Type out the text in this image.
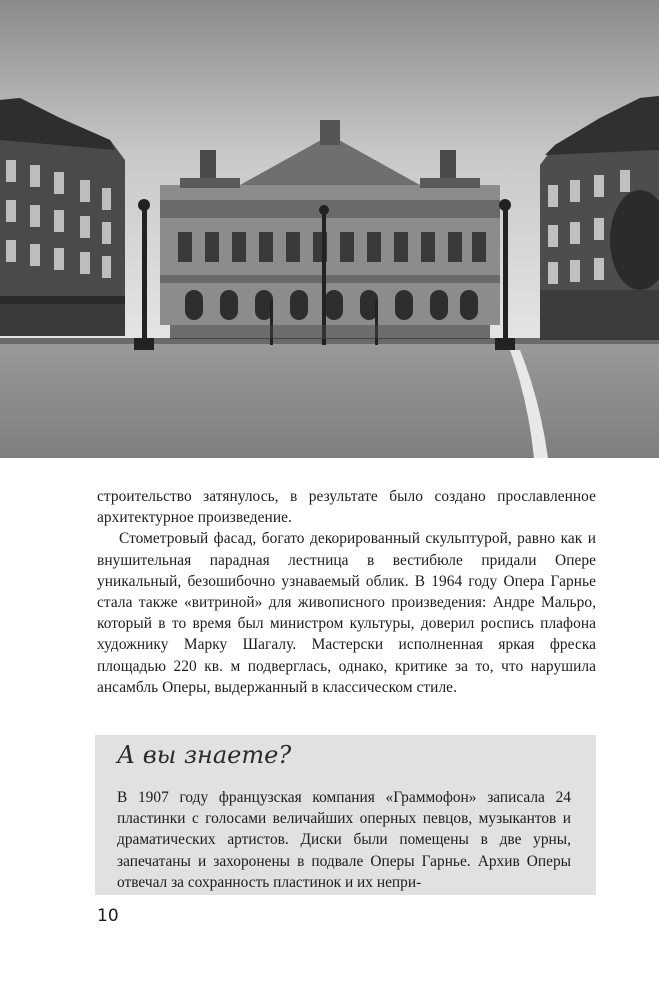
строительство затянулось, в результате было создано прославленное архитектурное произведение.

Стометровый фасад, богато декорированный скульптурой, равно как и внушительная парадная лестница в вестибюле придали Опере уникальный, безошибочно узнаваемый облик. В 1964 году Опера Гарнье стала также «витриной» для живописного произведения: Андре Мальро, который в то время был министром культуры, доверил роспись плафона художнику Марку Шагалу. Мастерски исполненная яркая фреска площадью 220 кв. м подверглась, однако, критике за то, что нарушила ансамбль Оперы, выдержанный в классическом стиле.

А вы знаете?

В 1907 году французская компания «Граммофон» записала 24 пластинки с голосами величайших оперных певцов, музыкантов и драматических артистов. Диски были помещены в две урны, запечатаны и захоронены в подвале Оперы Гарнье. Архив Оперы отвечал за сохранность пластинок и их непри-

10
